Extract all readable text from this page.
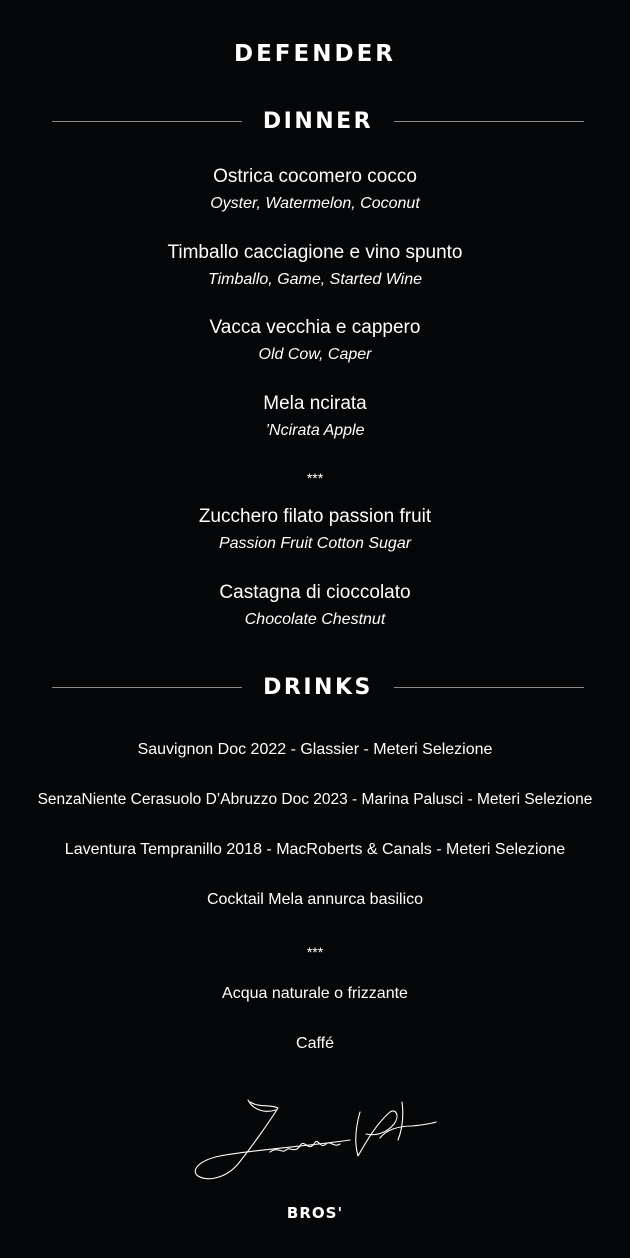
DEFENDER
DINNER
Ostrica cocomero cocco
Oyster, Watermelon, Coconut
Timballo cacciagione e vino spunto
Timballo, Game, Started Wine
Vacca vecchia e cappero
Old Cow, Caper
Mela ncirata
’Ncirata Apple
***
Zucchero filato passion fruit
Passion Fruit Cotton Sugar
Castagna di cioccolato
Chocolate Chestnut
DRINKS
Sauvignon Doc 2022 - Glassier - Meteri Selezione
SenzaNiente Cerasuolo D’Abruzzo Doc 2023 - Marina Palusci - Meteri Selezione
Laventura Tempranillo 2018 - MacRoberts & Canals - Meteri Selezione
Cocktail Mela annurca basilico
***
Acqua naturale o frizzante
Caffé
BROS'
